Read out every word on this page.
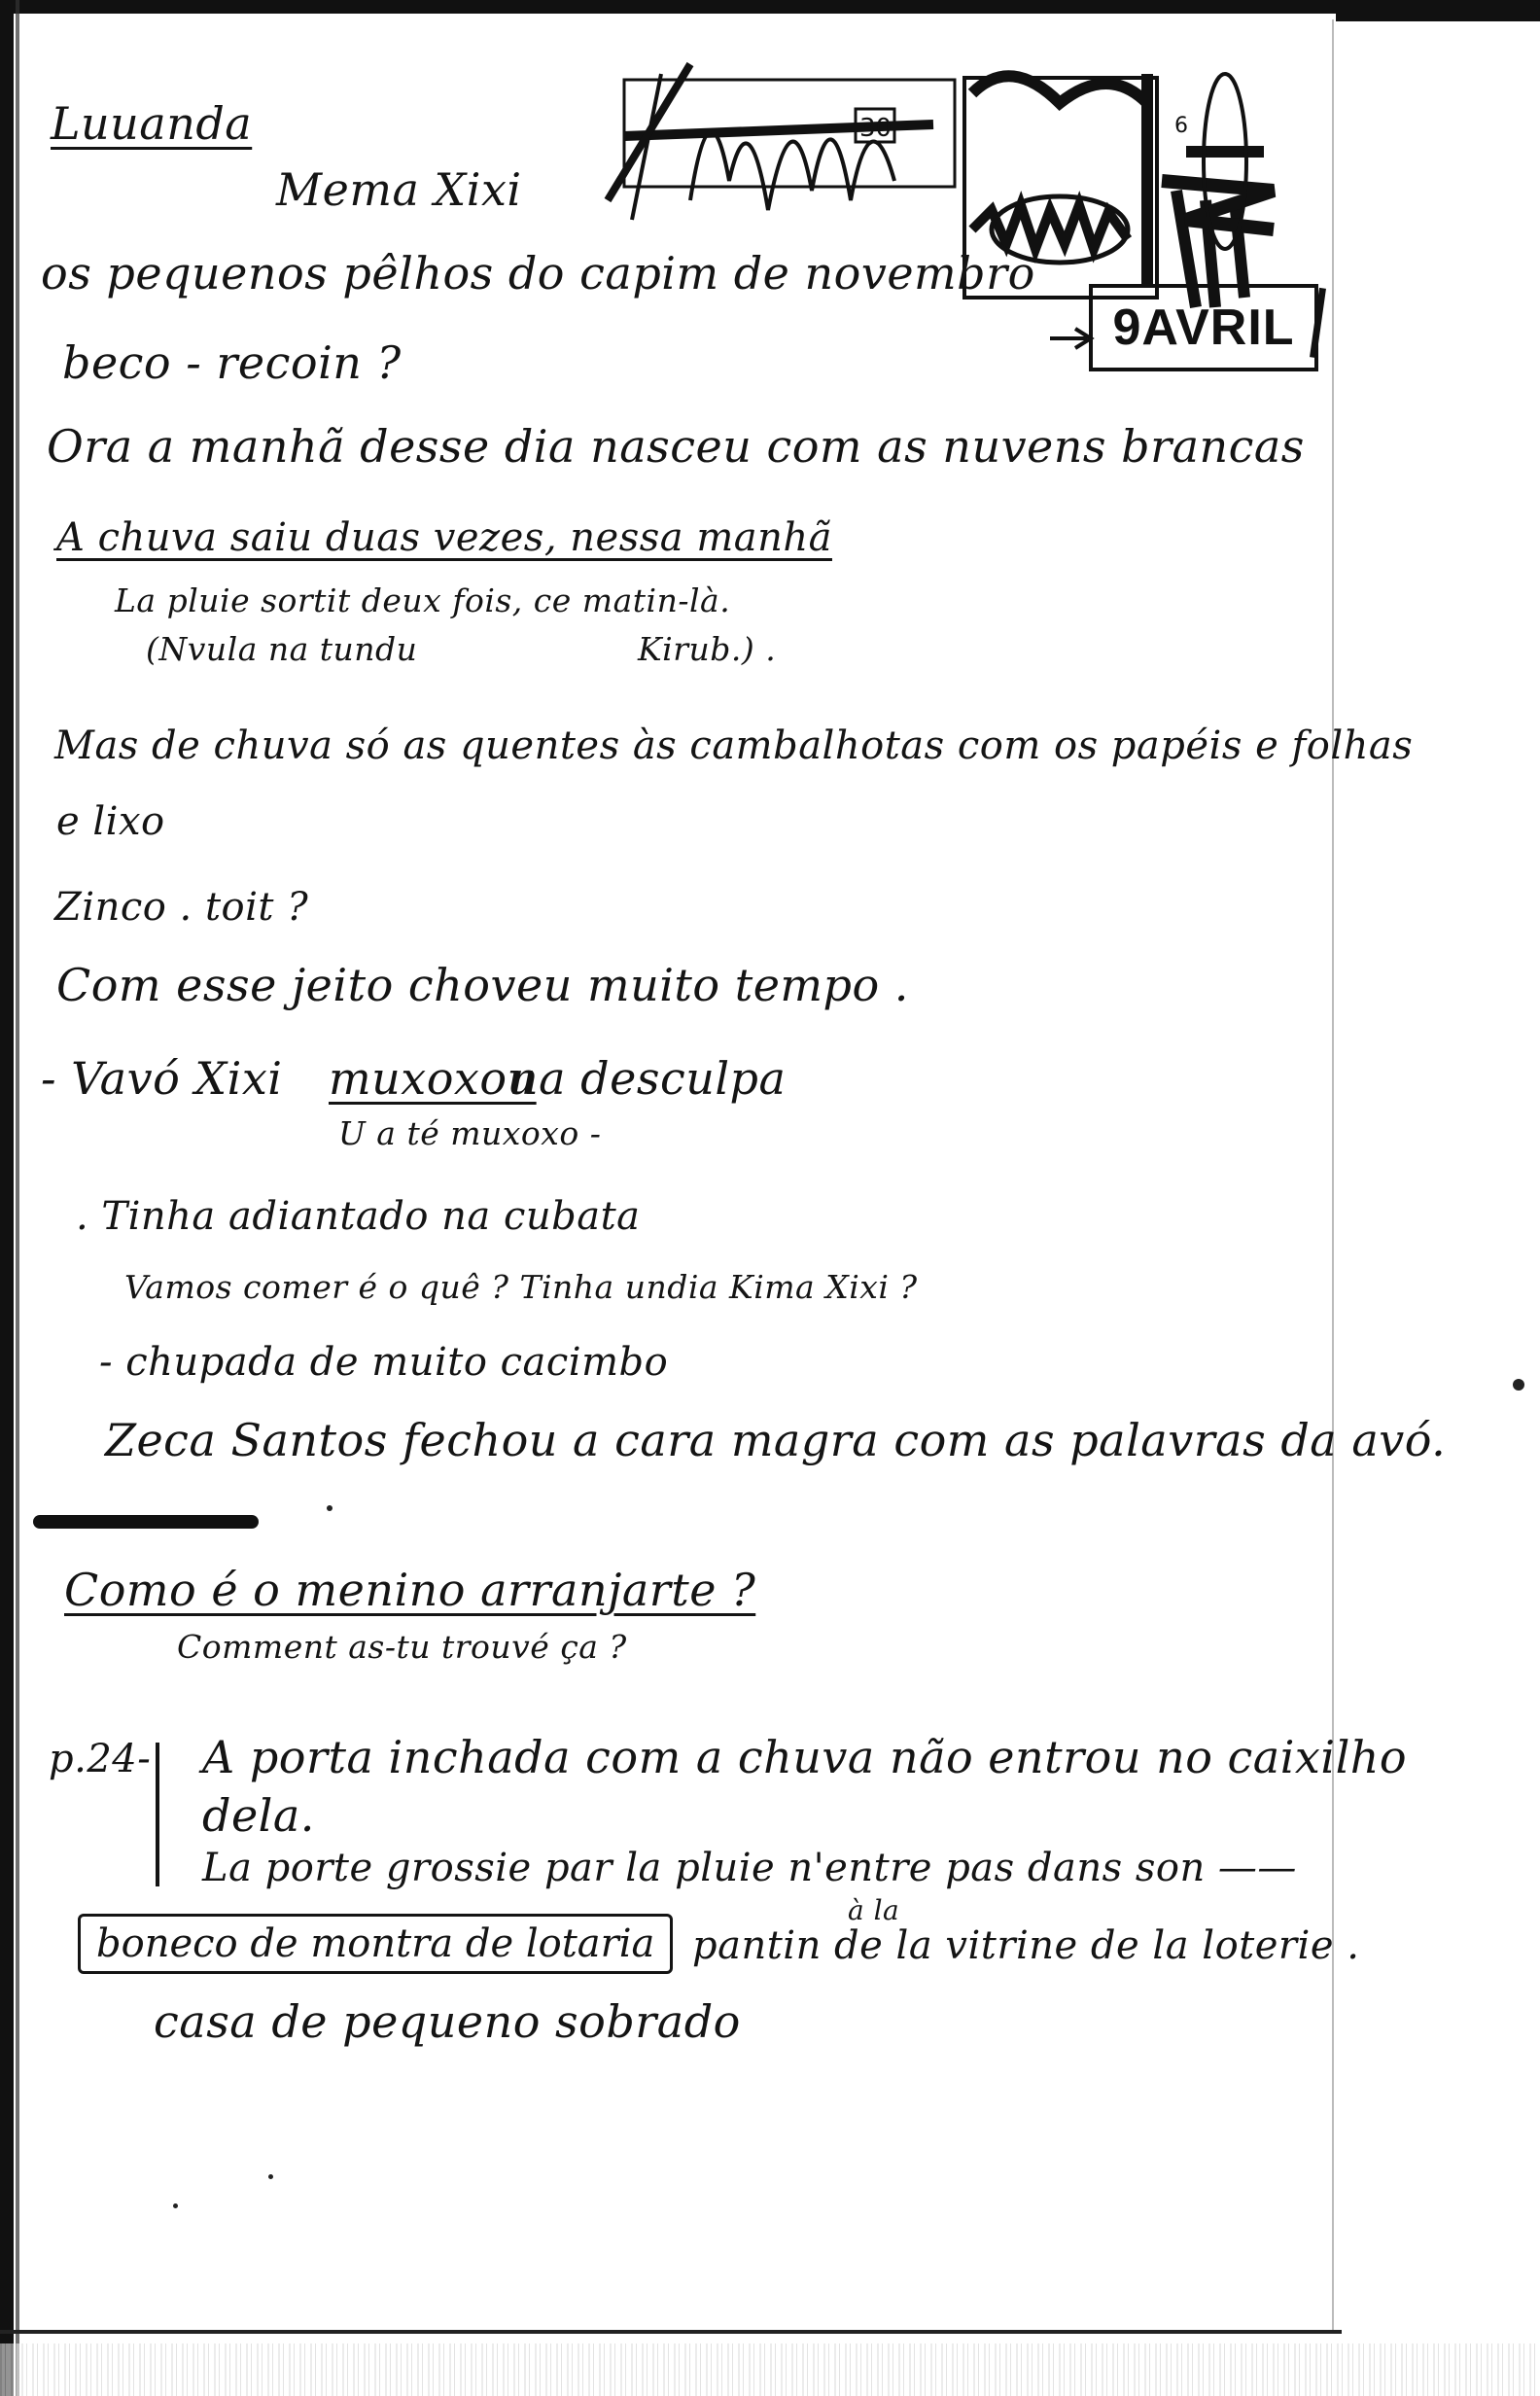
30	6
9AVRIL
Luuanda
Mema Xixi
os pequenos pêlhos do capim de novembro
beco - recoin ?
Ora a manhã desse dia nasceu com as nuvens brancas
A chuva saiu duas vezes, nessa manhã
La pluie sortit deux fois, ce matin-là.
(Nvula na tundu	Kirub.) .
Mas de chuva só as quentes às cambalhotas com os papéis e folhas
e lixo
Zinco . toit ?
Com esse jeito choveu muito tempo .
- Vavó Xixi muxoxou
na desculpa
U a té muxoxo -
. Tinha adiantado na cubata
Vamos comer é o quê ? Tinha undia Kima Xixi ?
- chupada de muito cacimbo
Zeca Santos fechou a cara magra com as palavras da avó.
Como é o menino arranjarte ?
Comment as-tu trouvé ça ?
p.24- A porta inchada com a chuva não entrou no caixilho
dela.
La porte grossie par la pluie n'entre pas dans son ——
à la
boneco de montra de lotaria pantin de la vitrine de la loterie .
casa de pequeno sobrado
